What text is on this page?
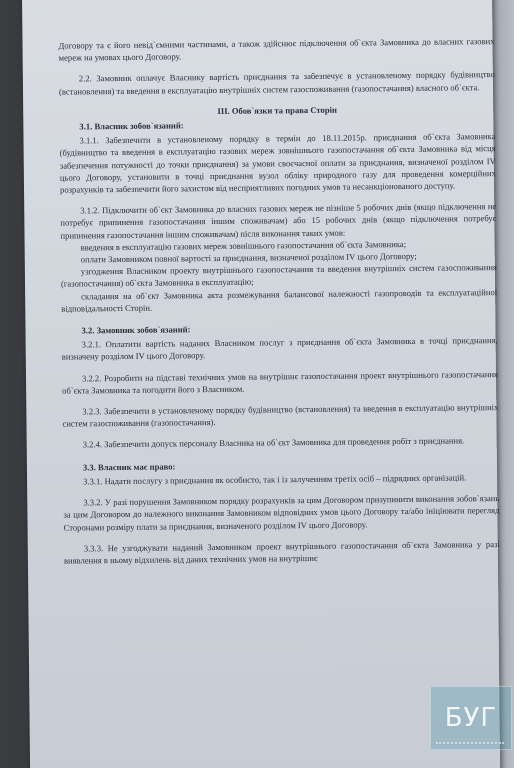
Договору та є його невід`ємними частинами, а також здійснює підключення об`єкта Замовника до власних газових мереж на умовах цього Договору.

2.2. Замовник оплачує Власнику вартість приєднання та забезпечує в установленому порядку будівництво (встановлення) та введення в експлуатацію внутрішніх систем газоспоживання (газопостачання) власного об`єкта.

ІІІ. Обов`язки та права Сторін
3.1. Власник зобов`язаний:

3.1.1. Забезпечити в установленому порядку в термін до 18.11.2015р. приєднання об`єкта Замовника (будівництво та введення в експлуатацію газових мереж зовнішнього газопостачання об`єкта Замовника від місця забезпечення потужності до точки приєднання) за умови своєчасної оплати за приєднання, визначеної розділом IV цього Договору, установити в точці приєднання вузол обліку природного газу для проведення комерційних розрахунків та забезпечити його захистом від несприятливих погодних умов та несанкціонованого доступу.

3.1.2. Підключити об`єкт Замовника до власних газових мереж не пізніше 5 робочих днів (якщо підключення не потребує припинення газопостачання іншим споживачам) або 15 робочих днів (якщо підключення потребує припинення газопостачання іншим споживачам) після виконання таких умов:

введення в експлуатацію газових мереж зовнішнього газопостачання об`єкта Замовника;

оплати Замовником повної вартості за приєднання, визначеної розділом IV цього Договору;

узгодження Власником проекту внутрішнього газопостачання та введення внутрішніх систем газоспоживання (газопостачання) об`єкта Замовника в експлуатацію;

складання на об`єкт Замовника акта розмежування балансової належності газопроводів та експлуатаційної відповідальності Сторін.

3.2. Замовник зобов`язаний:

3.2.1. Оплатити вартість наданих Власником послуг з приєднання об`єкта Замовника в точці приєднання, визначену розділом IV цього Договору.

3.2.2. Розробити на підставі технічних умов на внутрішнє газопостачання проект внутрішнього газопостачання об`єкта Замовника та погодити його з Власником.

3.2.3. Забезпечити в установленому порядку будівництво (встановлення) та введення в експлуатацію внутрішніх систем газоспоживання (газопостачання).

3.2.4. Забезпечити допуск персоналу Власника на об`єкт Замовника для проведення робіт з приєднання.

3.3. Власник має право:

3.3.1. Надати послугу з приєднання як особисто, так і із залученням третіх осіб – підрядних організацій.

3.3.2. У разі порушення Замовником порядку розрахунків за цим Договором призупинити виконання зобов`язань за цим Договором до належного виконання Замовником відповідних умов цього Договору та/або ініціювати перегляд Сторонами розміру плати за приєднання, визначеного розділом IV цього Договору.

3.3.3. Не узгоджувати наданий Замовником проект внутрішнього газопостачання об`єкта Замовника у разі виявлення в ньому відхилень від даних технічних умов на внутрішнє

БУГ
